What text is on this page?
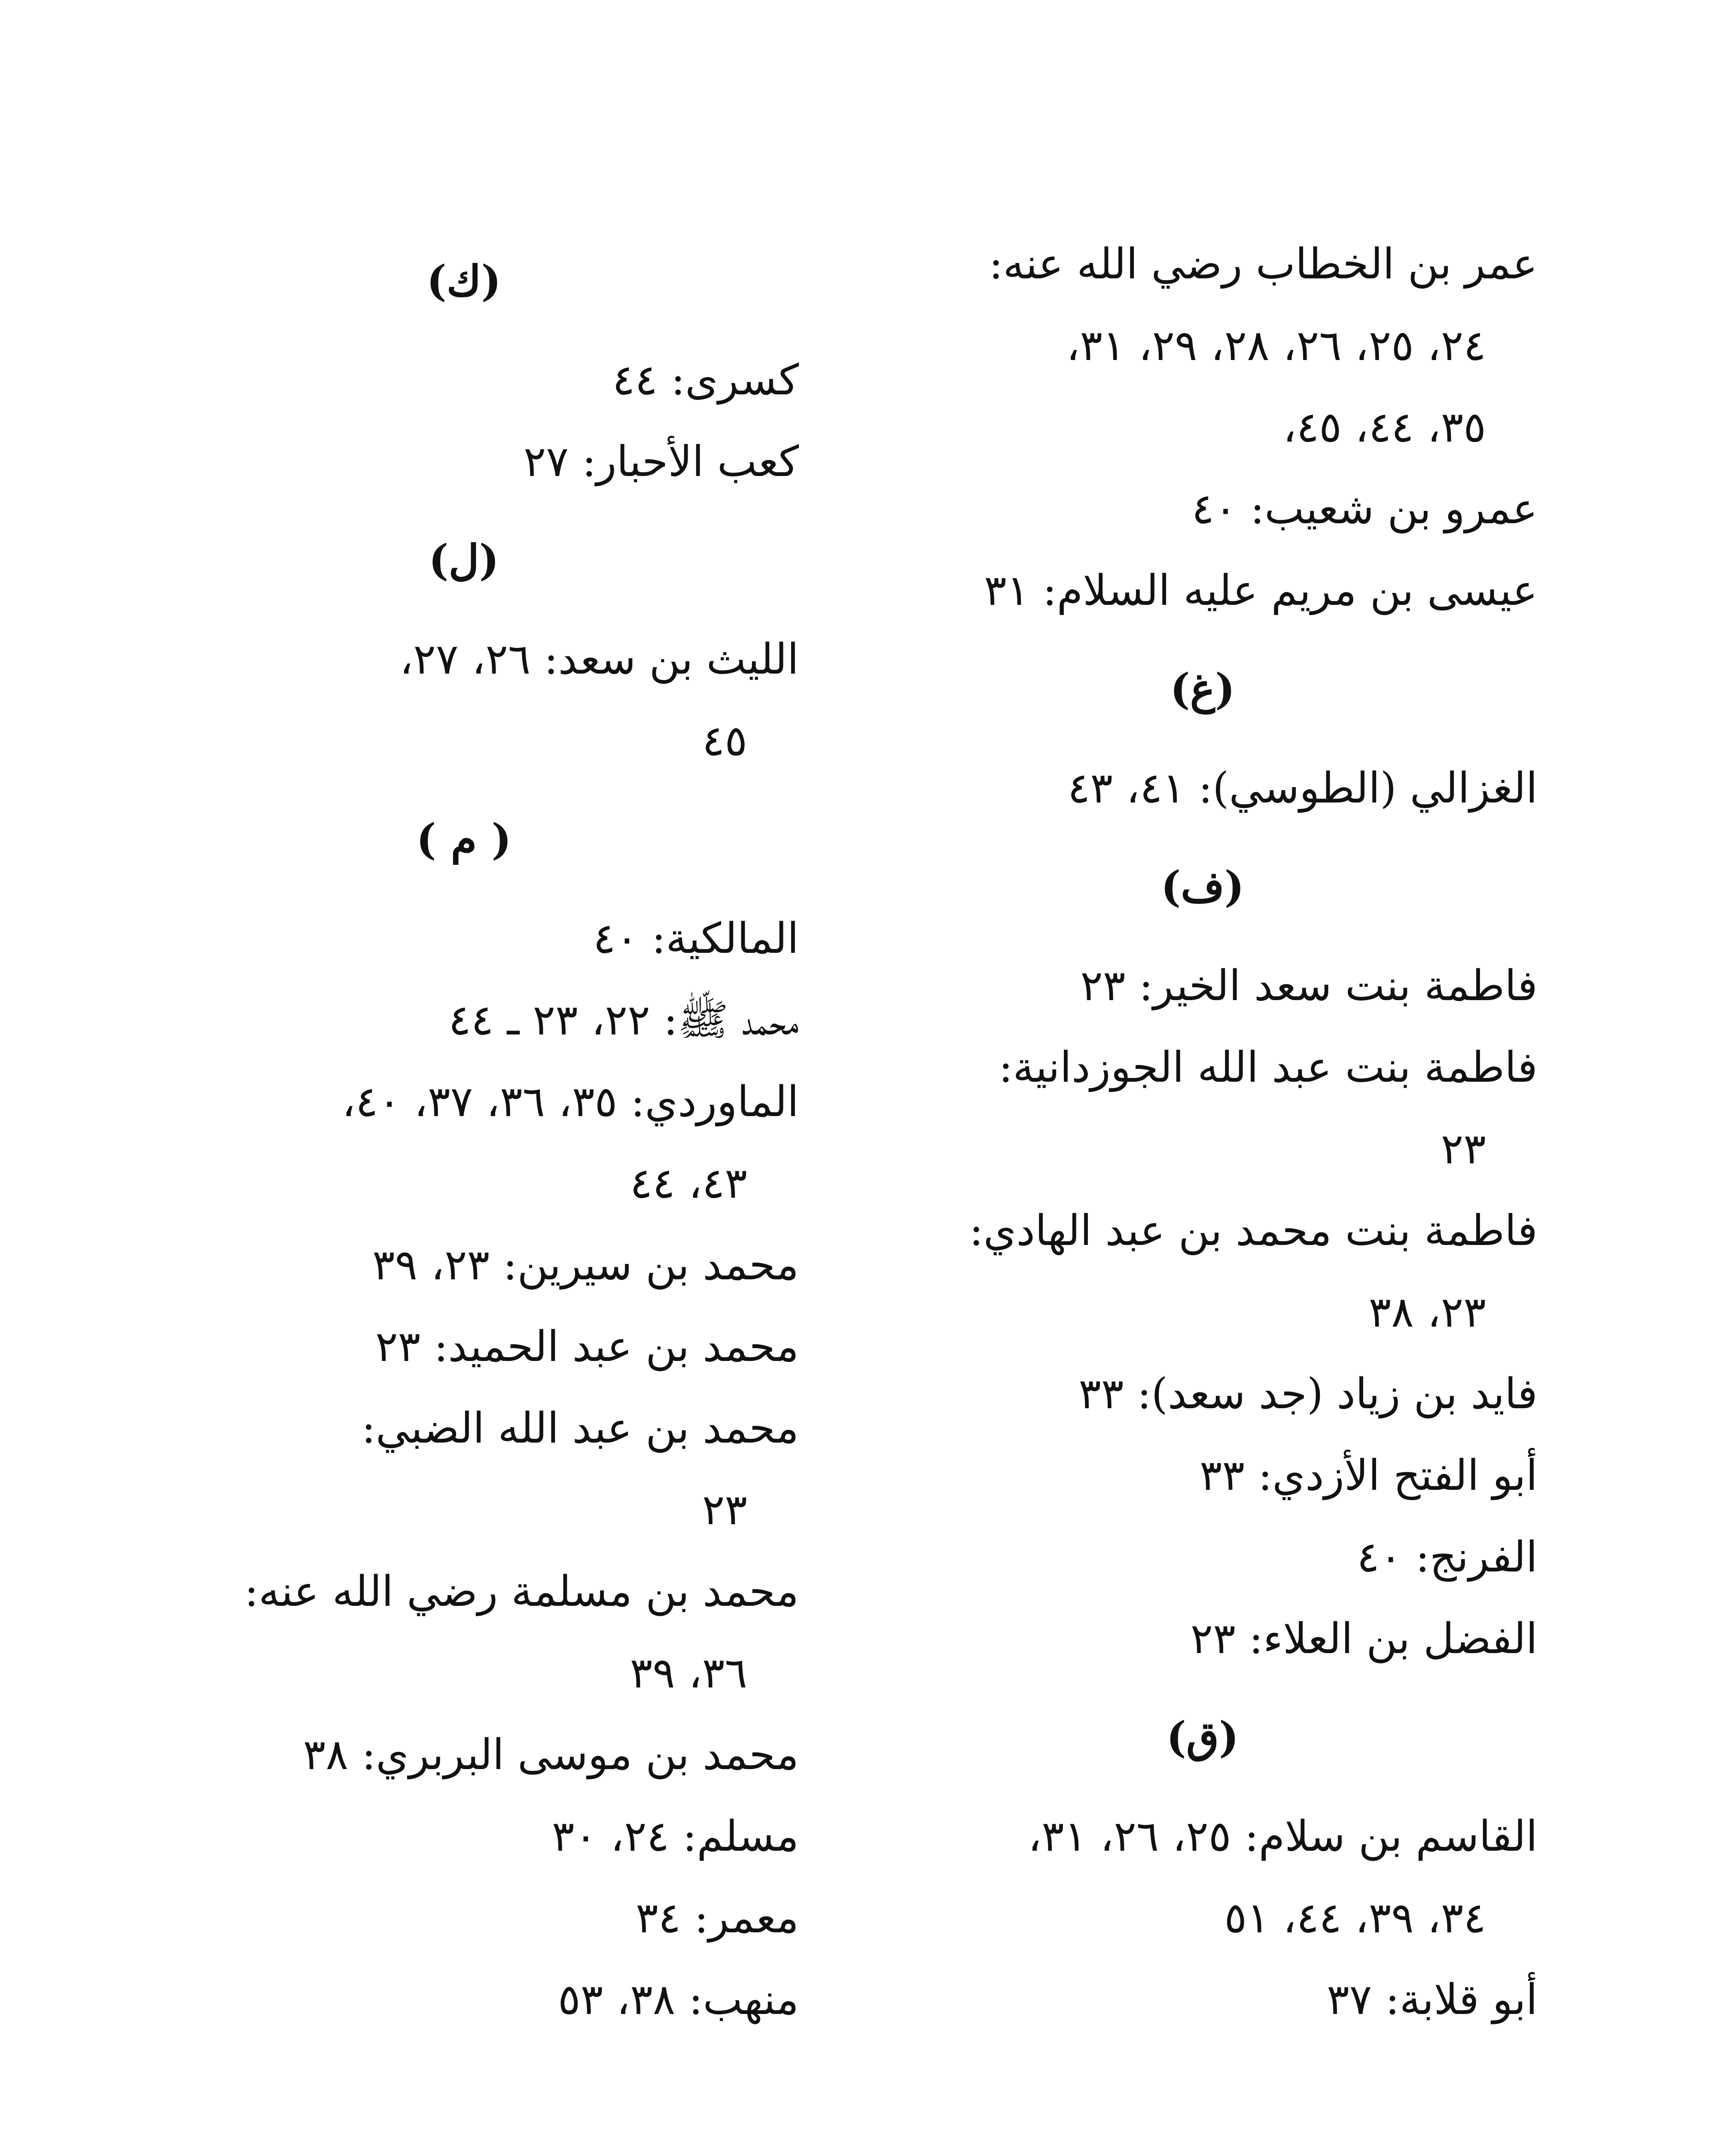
عمر بن الخطاب رضي الله عنه:
٢٤، ٢٥، ٢٦، ٢٨، ٢٩، ٣١،
٣٥، ٤٤، ٤٥،

عمرو بن شعيب: ٤٠

عيسى بن مريم عليه السلام: ٣١

(غ)

الغزالي (الطوسي): ٤١، ٤٣

(ف)

فاطمة بنت سعد الخير: ٢٣

فاطمة بنت عبد الله الجوزدانية:
٢٣

فاطمة بنت محمد بن عبد الهادي:
٢٣، ٣٨

فايد بن زياد (جد سعد): ٣٣

أبو الفتح الأزدي: ٣٣

الفرنج: ٤٠

الفضل بن العلاء: ٢٣

(ق)

القاسم بن سلام: ٢٥، ٢٦، ٣١،
٣٤، ٣٩، ٤٤، ٥١

أبو قلابة: ٣٧

(ك)

كسرى: ٤٤

كعب الأحبار: ٢٧

(ل)

الليث بن سعد: ٢٦، ٢٧،
٤٥

( م )

المالكية: ٤٠

محمد ﷺ: ٢٢، ٢٣ ـ ٤٤

الماوردي: ٣٥، ٣٦، ٣٧، ٤٠،
٤٣، ٤٤

محمد بن سيرين: ٢٣، ٣٩

محمد بن عبد الحميد: ٢٣

محمد بن عبد الله الضبي:
٢٣

محمد بن مسلمة رضي الله عنه:
٣٦، ٣٩

محمد بن موسى البربري: ٣٨

مسلم: ٢٤، ٣٠

معمر: ٣٤

منهب: ٣٨، ٥٣
